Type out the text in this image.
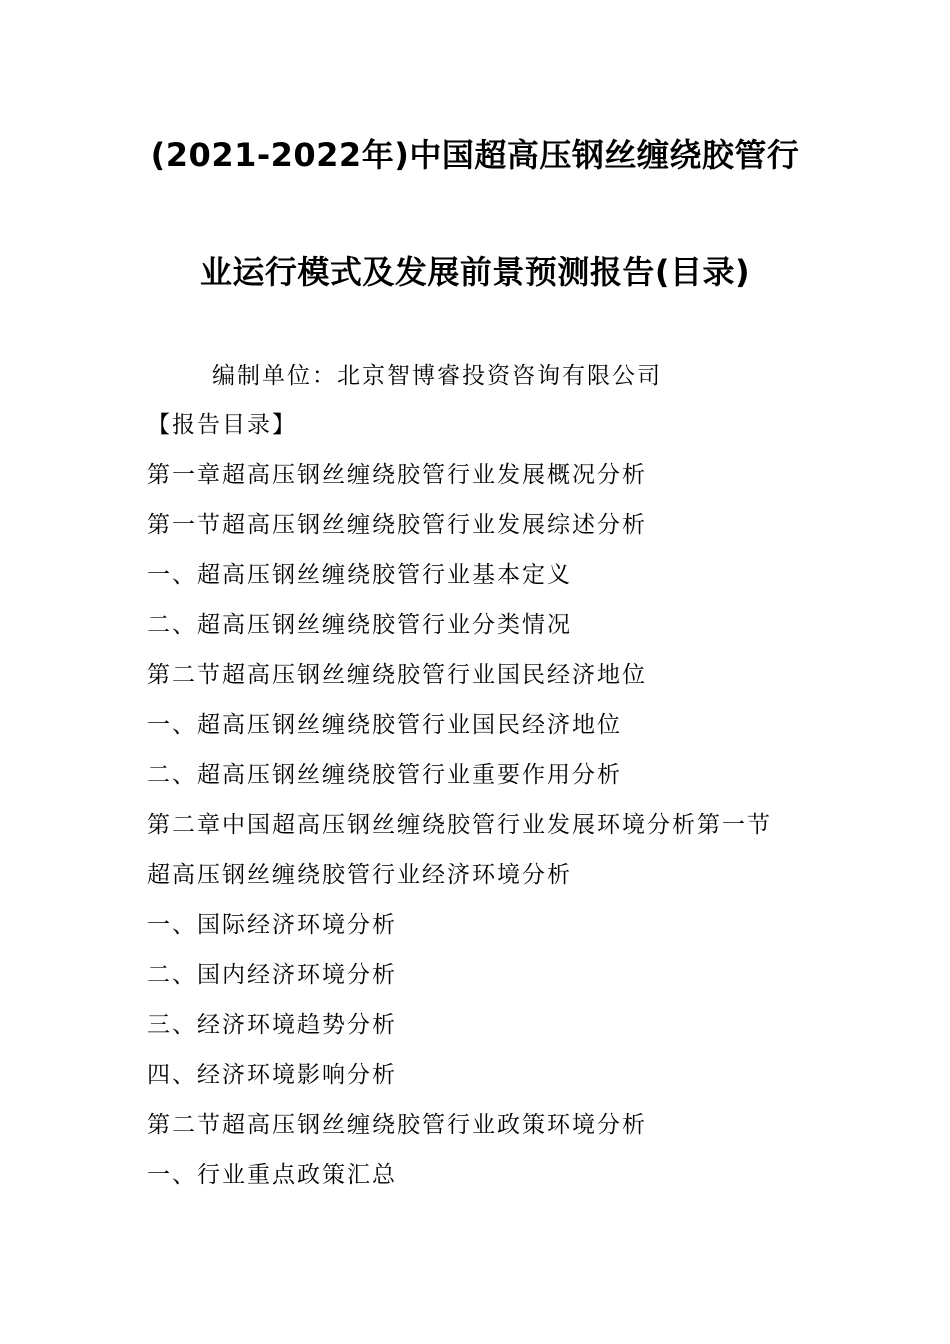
(2021-2022年)中国超高压钢丝缠绕胶管行
业运行模式及发展前景预测报告(目录)
编制单位：北京智博睿投资咨询有限公司
【报告目录】
第一章超高压钢丝缠绕胶管行业发展概况分析
第一节超高压钢丝缠绕胶管行业发展综述分析
一、超高压钢丝缠绕胶管行业基本定义
二、超高压钢丝缠绕胶管行业分类情况
第二节超高压钢丝缠绕胶管行业国民经济地位
一、超高压钢丝缠绕胶管行业国民经济地位
二、超高压钢丝缠绕胶管行业重要作用分析
第二章中国超高压钢丝缠绕胶管行业发展环境分析第一节
超高压钢丝缠绕胶管行业经济环境分析
一、国际经济环境分析
二、国内经济环境分析
三、经济环境趋势分析
四、经济环境影响分析
第二节超高压钢丝缠绕胶管行业政策环境分析
一、行业重点政策汇总
